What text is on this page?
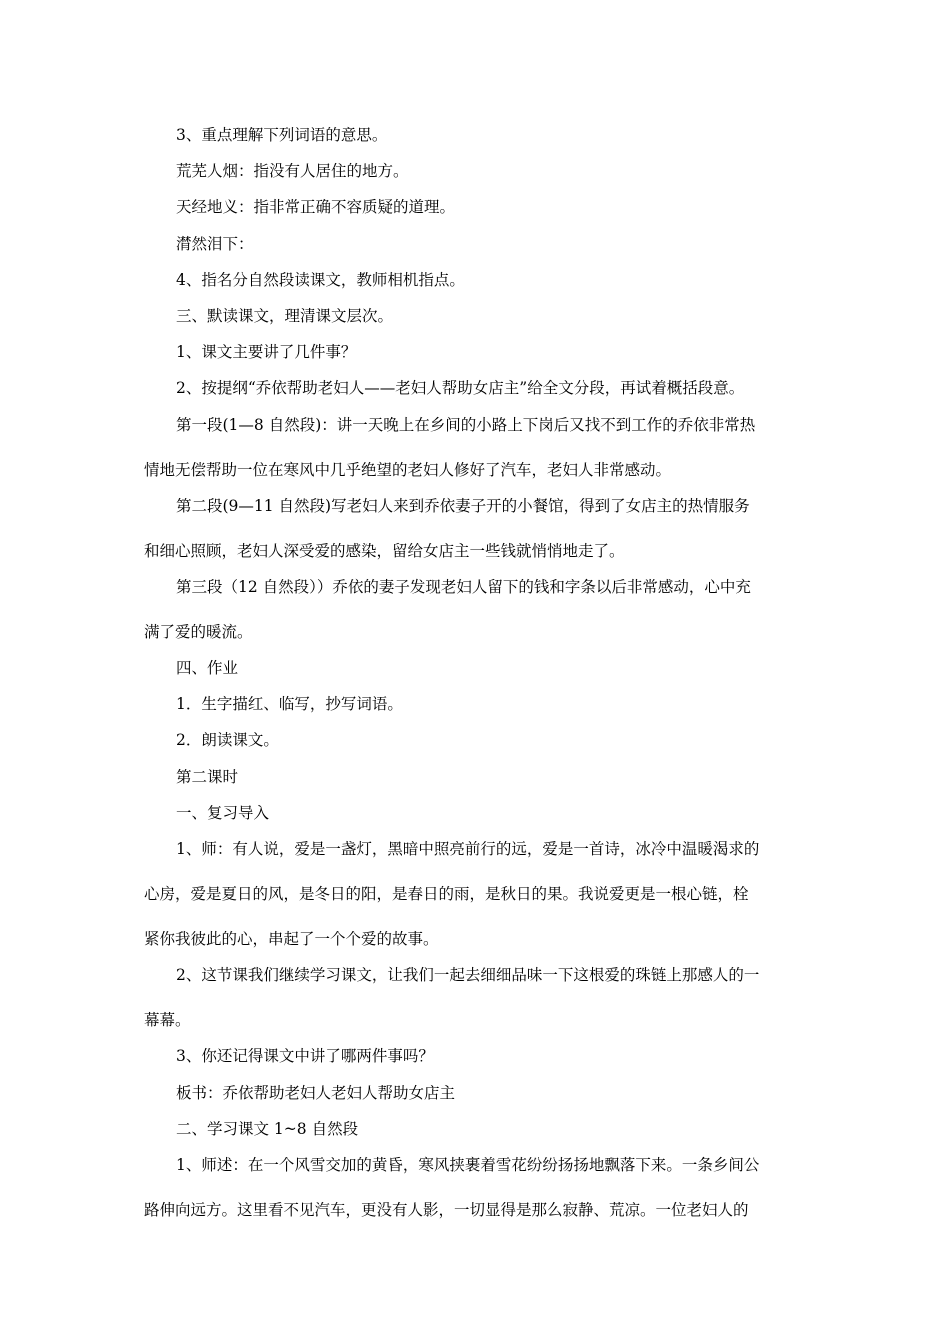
3、重点理解下列词语的意思。
荒芜人烟：指没有人居住的地方。
天经地义：指非常正确不容质疑的道理。
潸然泪下：
4、指名分自然段读课文，教师相机指点。
三、默读课文，理清课文层次。
1、课文主要讲了几件事？
2、按提纲“乔依帮助老妇人——老妇人帮助女店主”给全文分段，再试着概括段意。
第一段(1—8 自然段)：讲一天晚上在乡间的小路上下岗后又找不到工作的乔依非常热
情地无偿帮助一位在寒风中几乎绝望的老妇人修好了汽车，老妇人非常感动。
第二段(9—11 自然段)写老妇人来到乔依妻子开的小餐馆，得到了女店主的热情服务
和细心照顾，老妇人深受爱的感染，留给女店主一些钱就悄悄地走了。
第三段（12 自然段））乔依的妻子发现老妇人留下的钱和字条以后非常感动，心中充
满了爱的暖流。
四、作业
1．生字描红、临写，抄写词语。
2．朗读课文。
第二课时
一、复习导入
1、师：有人说，爱是一盏灯，黑暗中照亮前行的远，爱是一首诗，冰冷中温暖渴求的
心房，爱是夏日的风，是冬日的阳，是春日的雨，是秋日的果。我说爱更是一根心链，栓
紧你我彼此的心，串起了一个个爱的故事。
2、这节课我们继续学习课文，让我们一起去细细品味一下这根爱的珠链上那感人的一
幕幕。
3、你还记得课文中讲了哪两件事吗？
板书：乔依帮助老妇人老妇人帮助女店主
二、学习课文 1~8 自然段
1、师述：在一个风雪交加的黄昏，寒风挟裹着雪花纷纷扬扬地飘落下来。一条乡间公
路伸向远方。这里看不见汽车，更没有人影，一切显得是那么寂静、荒凉。一位老妇人的
